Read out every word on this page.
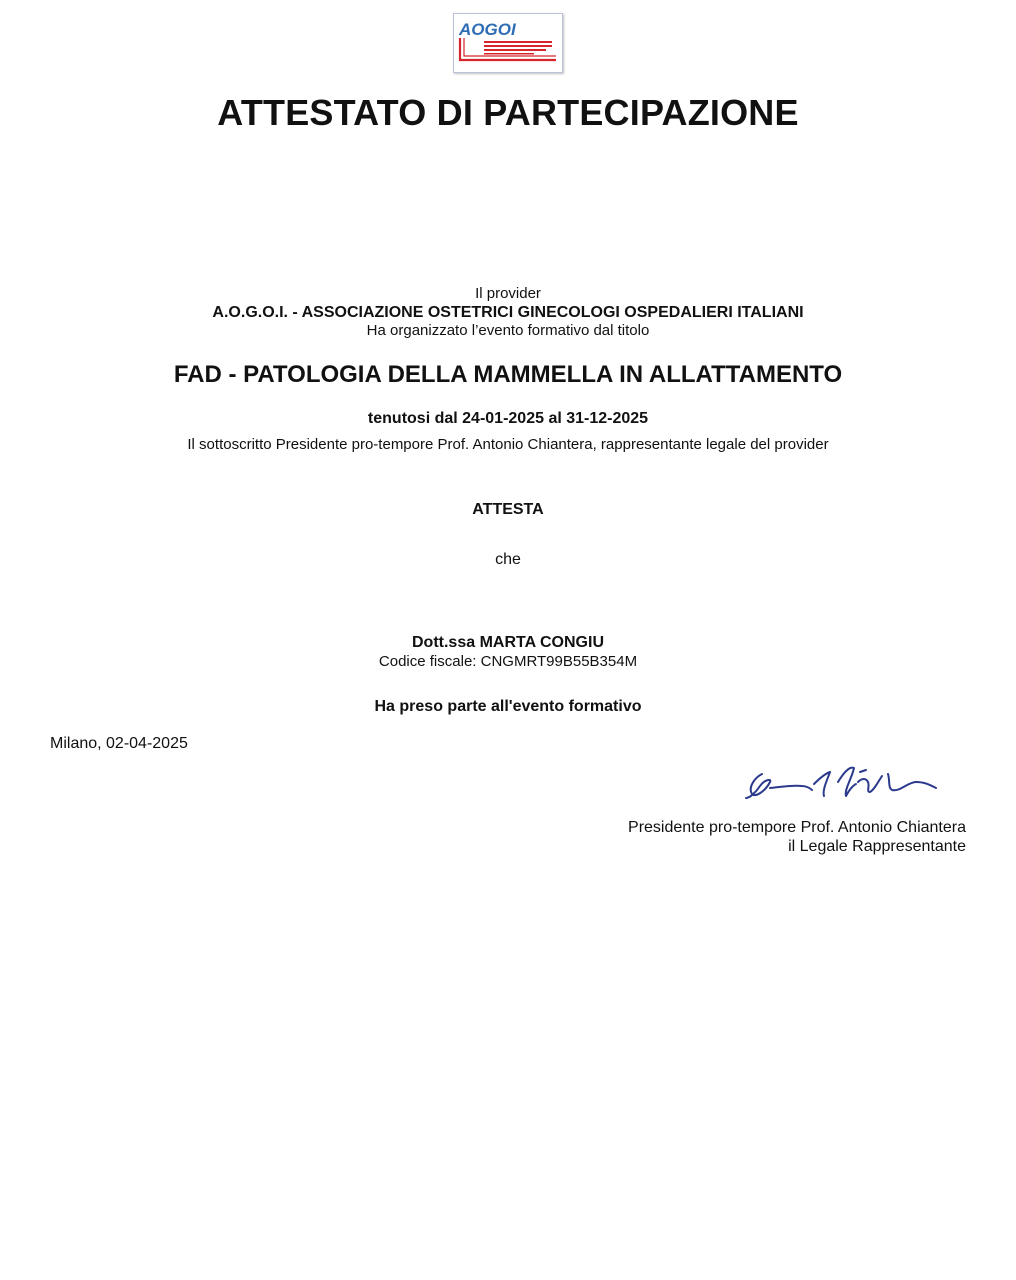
AOGOI
ATTESTATO DI PARTECIPAZIONE
Il provider
A.O.G.O.I. - ASSOCIAZIONE OSTETRICI GINECOLOGI OSPEDALIERI ITALIANI
Ha organizzato l’evento formativo dal titolo
FAD - PATOLOGIA DELLA MAMMELLA IN ALLATTAMENTO
tenutosi dal 24-01-2025 al 31-12-2025
Il sottoscritto Presidente pro-tempore Prof. Antonio Chiantera, rappresentante legale del provider
ATTESTA
che
Dott.ssa MARTA CONGIU
Codice fiscale: CNGMRT99B55B354M
Ha preso parte all'evento formativo
Milano, 02-04-2025
Presidente pro-tempore Prof. Antonio Chiantera
il Legale Rappresentante
